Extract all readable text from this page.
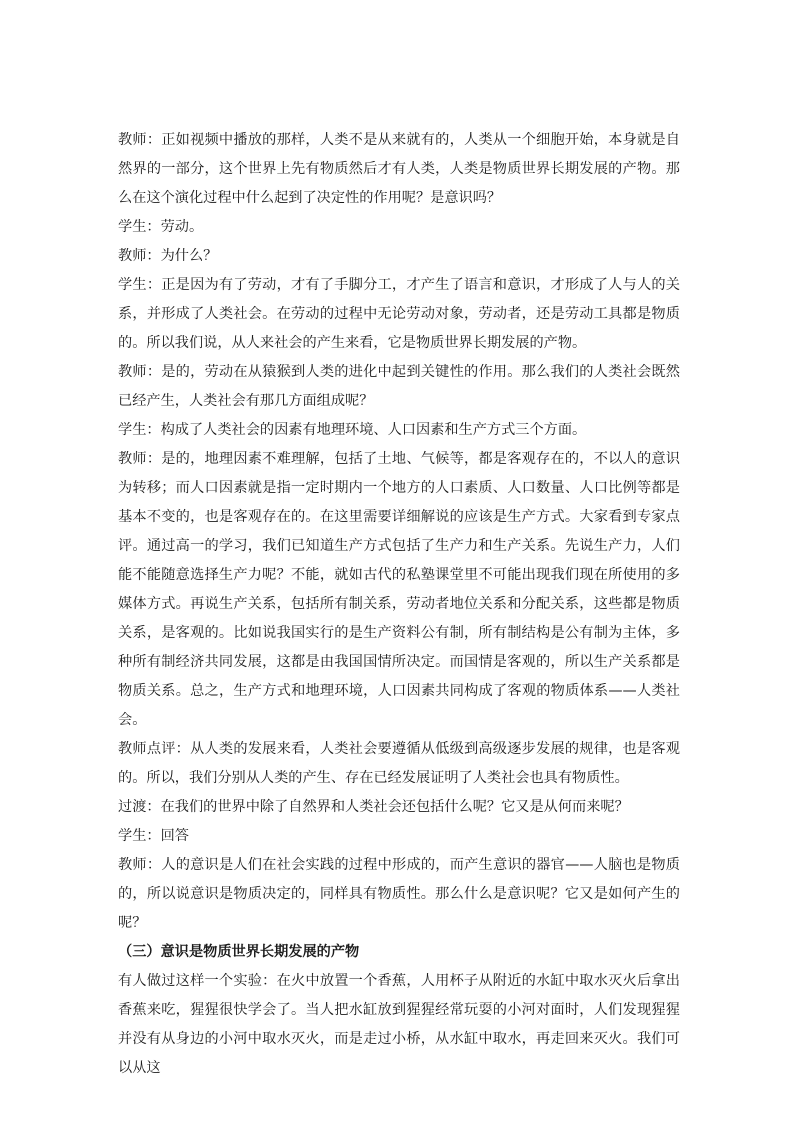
教师：正如视频中播放的那样，人类不是从来就有的，人类从一个细胞开始，本身就是自然界的一部分，这个世界上先有物质然后才有人类，人类是物质世界长期发展的产物。那么在这个演化过程中什么起到了决定性的作用呢？是意识吗？

学生：劳动。

教师：为什么？

学生：正是因为有了劳动，才有了手脚分工，才产生了语言和意识，才形成了人与人的关系，并形成了人类社会。在劳动的过程中无论劳动对象，劳动者，还是劳动工具都是物质的。所以我们说，从人来社会的产生来看，它是物质世界长期发展的产物。

教师：是的，劳动在从猿猴到人类的进化中起到关键性的作用。那么我们的人类社会既然已经产生，人类社会有那几方面组成呢？

学生：构成了人类社会的因素有地理环境、人口因素和生产方式三个方面。

教师：是的，地理因素不难理解，包括了土地、气候等，都是客观存在的，不以人的意识为转移；而人口因素就是指一定时期内一个地方的人口素质、人口数量、人口比例等都是基本不变的，也是客观存在的。在这里需要详细解说的应该是生产方式。大家看到专家点评。通过高一的学习，我们已知道生产方式包括了生产力和生产关系。先说生产力，人们能不能随意选择生产力呢？不能，就如古代的私塾课堂里不可能出现我们现在所使用的多媒体方式。再说生产关系，包括所有制关系，劳动者地位关系和分配关系，这些都是物质关系，是客观的。比如说我国实行的是生产资料公有制，所有制结构是公有制为主体，多种所有制经济共同发展，这都是由我国国情所决定。而国情是客观的，所以生产关系都是物质关系。总之，生产方式和地理环境，人口因素共同构成了客观的物质体系——人类社会。

教师点评：从人类的发展来看，人类社会要遵循从低级到高级逐步发展的规律，也是客观的。所以，我们分别从人类的产生、存在已经发展证明了人类社会也具有物质性。

过渡：在我们的世界中除了自然界和人类社会还包括什么呢？它又是从何而来呢？

学生：回答

教师：人的意识是人们在社会实践的过程中形成的，而产生意识的器官——人脑也是物质的，所以说意识是物质决定的，同样具有物质性。那么什么是意识呢？它又是如何产生的呢？

（三）意识是物质世界长期发展的产物

有人做过这样一个实验：在火中放置一个香蕉，人用杯子从附近的水缸中取水灭火后拿出香蕉来吃，猩猩很快学会了。当人把水缸放到猩猩经常玩耍的小河对面时，人们发现猩猩并没有从身边的小河中取水灭火，而是走过小桥，从水缸中取水，再走回来灭火。我们可以从这
